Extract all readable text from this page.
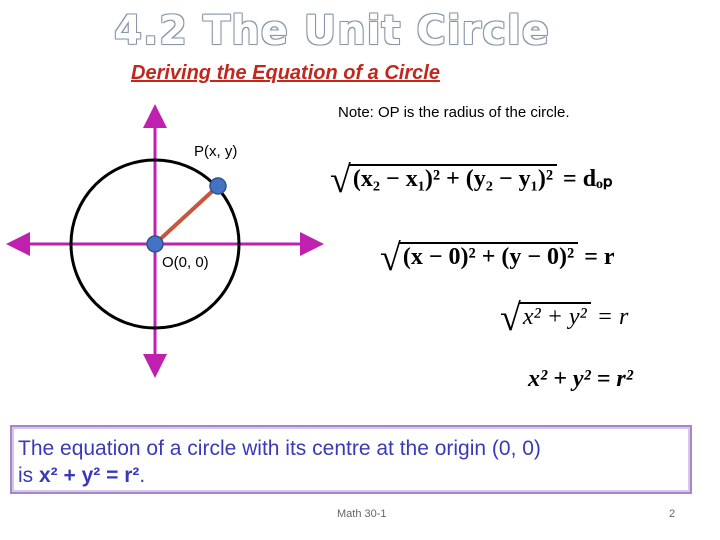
4.2 The Unit Circle
Deriving the Equation of a Circle
Note: OP is the radius of the circle.
P(x, y)
O(0, 0)
√(x₂ − x₁)² + (y₂ − y₁)² = dₒₚ
√(x − 0)² + (y − 0)² = r
√x² + y² = r
x² + y² = r²
The equation of a circle with its centre at the origin (0, 0)
is x² + y² = r².
Math 30-1	2
